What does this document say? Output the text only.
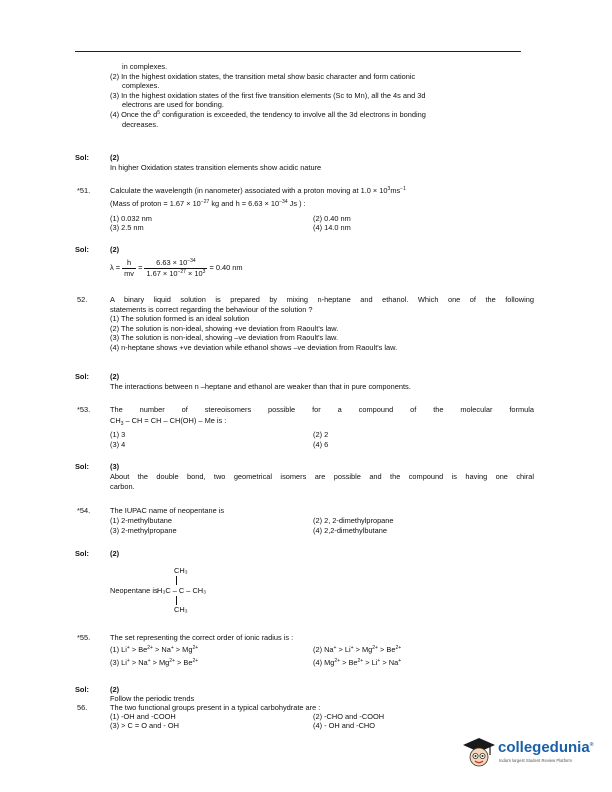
in complexes.
(2) In the highest oxidation states, the transition metal show basic character and form cationic
complexes.
(3) In the highest oxidation states of the first five transition elements (Sc to Mn), all the 4s and 3d
electrons are used for bonding.
(4) Once the $d^5$ configuration is exceeded, the tendency to involve all the 3d electrons in bonding
decreases.
Sol:	(2)
In higher Oxidation states transition elements show acidic nature
*51.	Calculate the wavelength (in nanometer) associated with a proton moving at $1.0 \times 10^3ms^{-1}$
(Mass of proton = $1.67 \times 10^{-27}$ kg and $h = 6.63 \times 10^{-34}$ Js ) :
(1) 0.032 nm	(2) 0.40 nm
(3) 2.5 nm	(4) 14.0 nm
Sol:	(2)
$\lambda = \frac{h}{mv} = \frac{6.63 \times 10^{-34}}{1.67 \times 10^{-27} \times 10^3} = 0.40$ nm
52.	A binary liquid solution is prepared by mixing n-heptane and ethanol. Which one of the following
statements is correct regarding the behaviour of the solution ?
(1) The solution formed is an ideal solution
(2) The solution is non-ideal, showing +ve deviation from Raoult's law.
(3) The solution is non-ideal, showing –ve deviation from Raoult's law.
(4) n-heptane shows +ve deviation while ethanol shows –ve deviation from Raoult's law.
Sol:	(2)
The interactions between n –heptane and ethanol are weaker than that in pure components.
*53.	The number of stereoisomers possible for a compound of the molecular formula
$CH_3$ – CH = CH – CH(OH) – Me is :
(1) 3	(2) 2
(3) 4	(4) 6
Sol:	(3)
About the double bond, two geometrical isomers are possible and the compound is having one chiral
carbon.
*54.	The IUPAC name of neopentane is
(1) 2-methylbutane	(2) 2, 2-dimethylpropane
(3) 2-methylpropane	(4) 2,2-dimethylbutane
Sol:	(2)
CH₃
Neopentane is H₃C – C – CH₃
CH₃
*55.	The set representing the correct order of ionic radius is :
(1) $Li^+ > Be^{2+} > Na^+ > Mg^{2+}$	(2) $Na^+ > Li^+ > Mg^{2+} > Be^{2+}$
(3) $Li^+ > Na^+ > Mg^{2+} > Be^{2+}$	(4) $Mg^{2+} > Be^{2+} > Li^+ > Na^+$
Sol:	(2)
Follow the periodic trends
56.	The two functional groups present in a typical carbohydrate are :
(1) -OH and -COOH	(2) -CHO and -COOH
(3) > C = O and - OH	(4) - OH and -CHO
collegedunia®
India's largest Student Review Platform
